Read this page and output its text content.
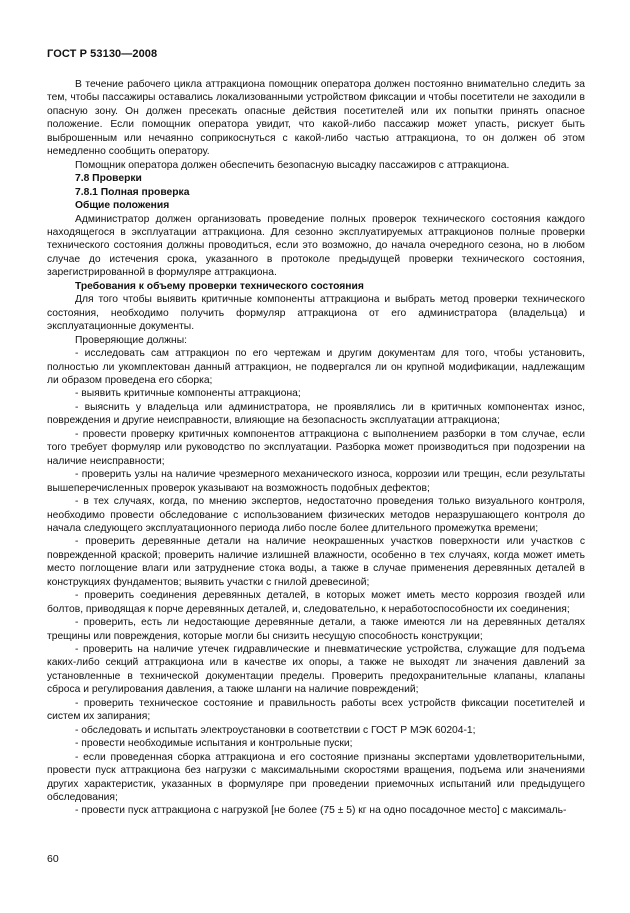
ГОСТ Р 53130—2008

В течение рабочего цикла аттракциона помощник оператора должен постоянно внимательно следить за тем, чтобы пассажиры оставались локализованными устройством фиксации и чтобы посетители не заходили в опасную зону. Он должен пресекать опасные действия посетителей или их попытки принять опасное положение. Если помощник оператора увидит, что какой-либо пассажир может упасть, рискует быть выброшенным или нечаянно соприкоснуться с какой-либо частью аттракциона, то он должен об этом немедленно сообщить оператору.

Помощник оператора должен обеспечить безопасную высадку пассажиров с аттракциона.

7.8 Проверки

7.8.1 Полная проверка

Общие положения

Администратор должен организовать проведение полных проверок технического состояния каждого находящегося в эксплуатации аттракциона. Для сезонно эксплуатируемых аттракционов полные проверки технического состояния должны проводиться, если это возможно, до начала очередного сезона, но в любом случае до истечения срока, указанного в протоколе предыдущей проверки технического состояния, зарегистрированной в формуляре аттракциона.

Требования к объему проверки технического состояния

Для того чтобы выявить критичные компоненты аттракциона и выбрать метод проверки технического состояния, необходимо получить формуляр аттракциона от его администратора (владельца) и эксплуатационные документы.

Проверяющие должны:

- исследовать сам аттракцион по его чертежам и другим документам для того, чтобы установить, полностью ли укомплектован данный аттракцион, не подвергался ли он крупной модификации, надлежащим ли образом проведена его сборка;

- выявить критичные компоненты аттракциона;

- выяснить у владельца или администратора, не проявлялись ли в критичных компонентах износ, повреждения и другие неисправности, влияющие на безопасность эксплуатации аттракциона;

- провести проверку критичных компонентов аттракциона с выполнением разборки в том случае, если того требует формуляр или руководство по эксплуатации. Разборка может производиться при подозрении на наличие неисправности;

- проверить узлы на наличие чрезмерного механического износа, коррозии или трещин, если результаты вышеперечисленных проверок указывают на возможность подобных дефектов;

- в тех случаях, когда, по мнению экспертов, недостаточно проведения только визуального контроля, необходимо провести обследование с использованием физических методов неразрушающего контроля до начала следующего эксплуатационного периода либо после более длительного промежутка времени;

- проверить деревянные детали на наличие неокрашенных участков поверхности или участков с поврежденной краской; проверить наличие излишней влажности, особенно в тех случаях, когда может иметь место поглощение влаги или затруднение стока воды, а также в случае применения деревянных деталей в конструкциях фундаментов; выявить участки с гнилой древесиной;

- проверить соединения деревянных деталей, в которых может иметь место коррозия гвоздей или болтов, приводящая к порче деревянных деталей, и, следовательно, к неработоспособности их соединения;

- проверить, есть ли недостающие деревянные детали, а также имеются ли на деревянных деталях трещины или повреждения, которые могли бы снизить несущую способность конструкции;

- проверить на наличие утечек гидравлические и пневматические устройства, служащие для подъема каких-либо секций аттракциона или в качестве их опоры, а также не выходят ли значения давлений за установленные в технической документации пределы. Проверить предохранительные клапаны, клапаны сброса и регулирования давления, а также шланги на наличие повреждений;

- проверить техническое состояние и правильность работы всех устройств фиксации посетителей и систем их запирания;

- обследовать и испытать электроустановки в соответствии с ГОСТ Р МЭК 60204-1;

- провести необходимые испытания и контрольные пуски;

- если проведенная сборка аттракциона и его состояние признаны экспертами удовлетворительными, провести пуск аттракциона без нагрузки с максимальными скоростями вращения, подъема или значениями других характеристик, указанных в формуляре при проведении приемочных испытаний или предыдущего обследования;

- провести пуск аттракциона с нагрузкой [не более (75 ± 5) кг на одно посадочное место] с максималь-

60
